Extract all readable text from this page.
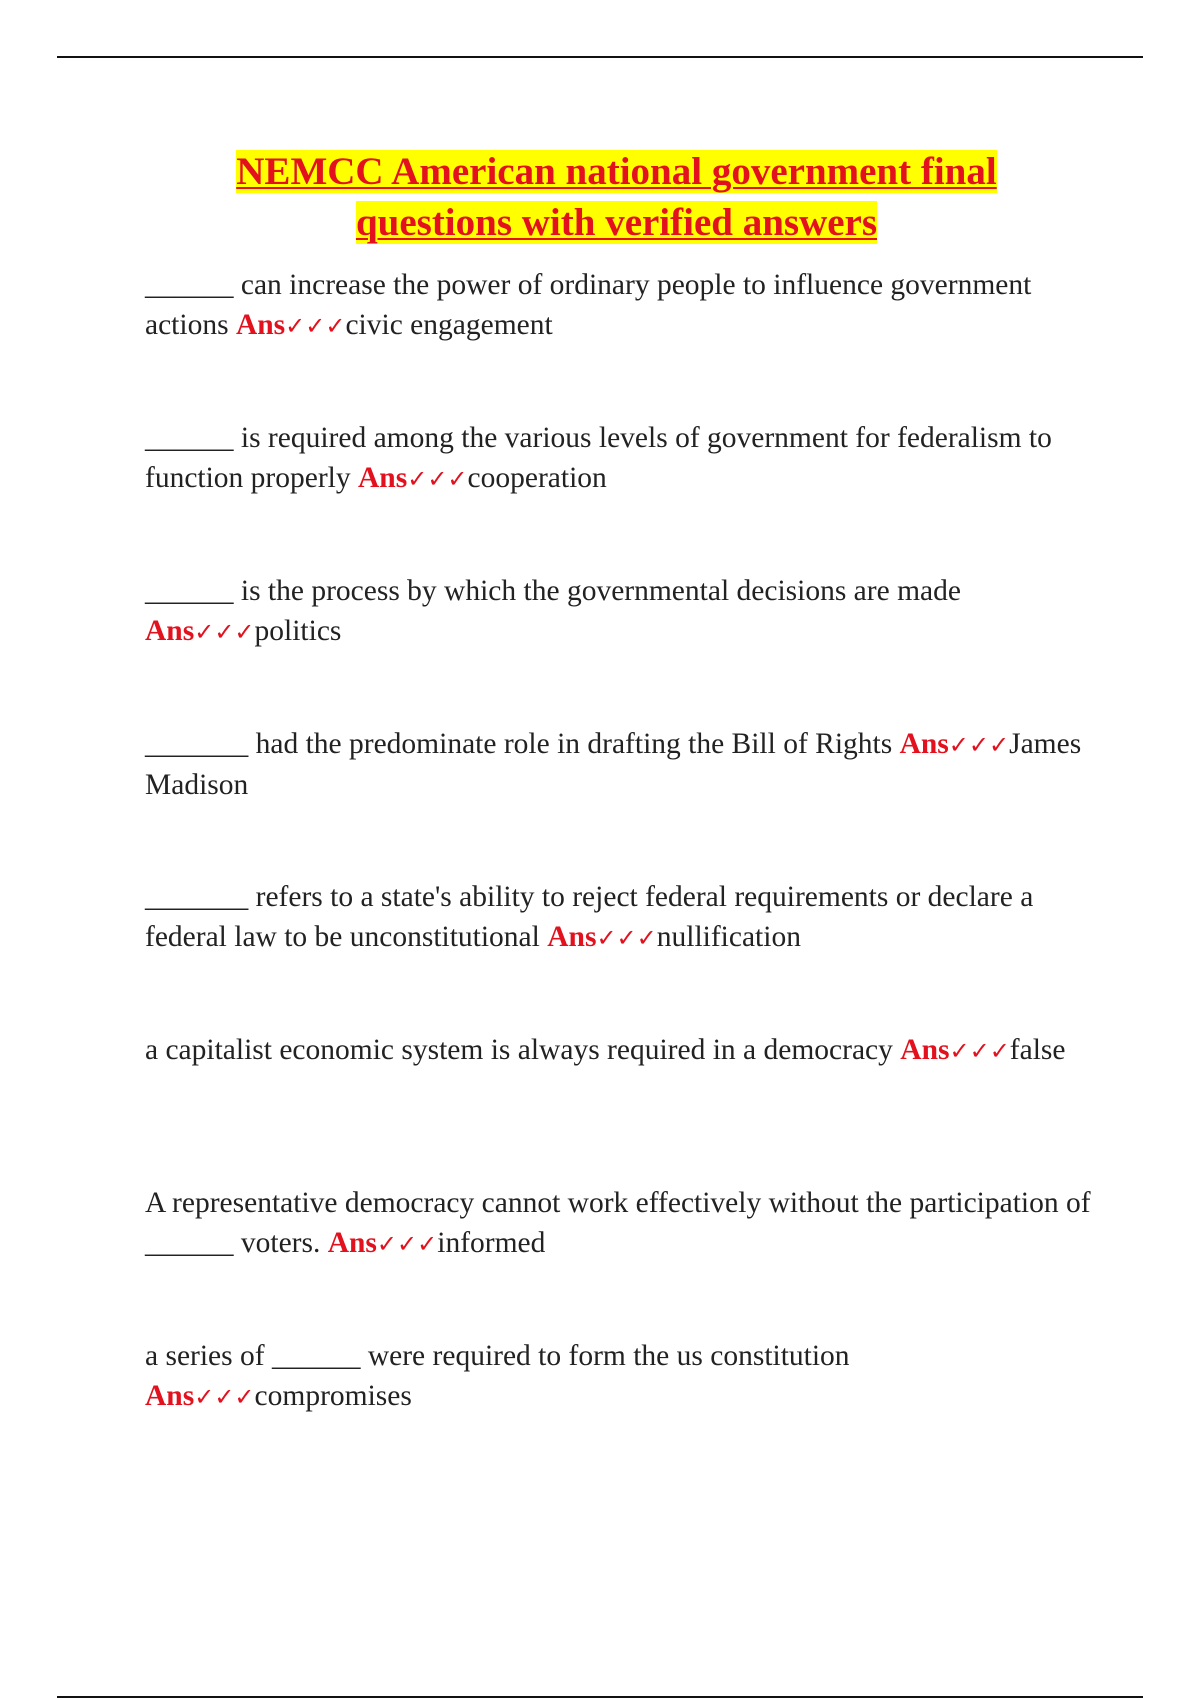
NEMCC American national government final
questions with verified answers
______ can increase the power of ordinary people to influence government actions Ans✓✓✓civic engagement
______ is required among the various levels of government for federalism to function properly Ans✓✓✓cooperation
______ is the process by which the governmental decisions are made Ans✓✓✓politics
_______ had the predominate role in drafting the Bill of Rights Ans✓✓✓James Madison
_______ refers to a state's ability to reject federal requirements or declare a federal law to be unconstitutional Ans✓✓✓nullification
a capitalist economic system is always required in a democracy Ans✓✓✓false
A representative democracy cannot work effectively without the participation of ______ voters. Ans✓✓✓informed
a series of ______ were required to form the us constitution Ans✓✓✓compromises
